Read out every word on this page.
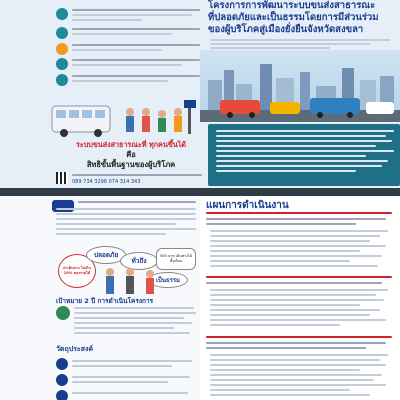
โครงการการพัฒนาระบบขนส่งสาธารณะ
ที่ปลอดภัยและเป็นธรรมโดยการมีส่วนร่วม
ของผู้บริโภคสู่เมืองยั่งยืนจังหวัดสงขลา
ระบบขนส่งสาธารณะที่ ทุกคนขึ้นได้
คือ
สิทธิขั้นพื้นฐานของผู้บริโภค
089 734 3298 074 314 343
ค่าเดินทาง ไม่เกิน 10% ของรายได้
ปลอดภัย
ทั่วถึง
500 บาท เดินทางได้ ทั้งเดือน
เป็นธรรม
เป้าหมาย 2 ปี การดำเนินโครงการ
วัตถุประสงค์
แผนการดำเนินงาน
